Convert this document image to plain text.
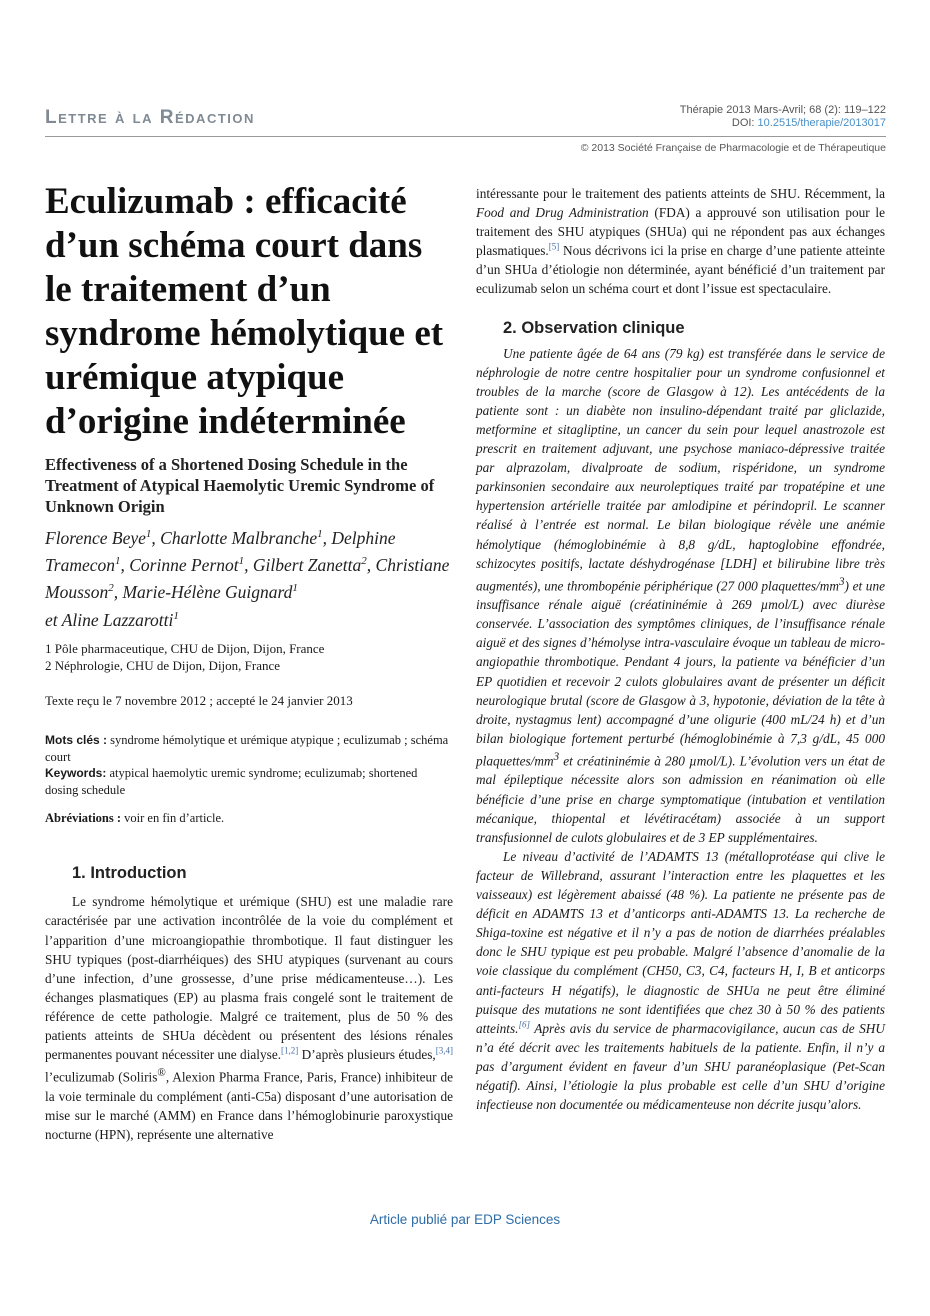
Lettre à la Rédaction	Thérapie 2013 Mars-Avril; 68 (2): 119–122
DOI: 10.2515/therapie/2013017
© 2013 Société Française de Pharmacologie et de Thérapeutique
Eculizumab : efficacité d’un schéma court dans le traitement d’un syndrome hémolytique et urémique atypique d’origine indéterminée
Effectiveness of a Shortened Dosing Schedule in the Treatment of Atypical Haemolytic Uremic Syndrome of Unknown Origin
Florence Beye$^1$, Charlotte Malbranche$^1$, Delphine Tramecon$^1$, Corinne Pernot$^1$, Gilbert Zanetta$^2$, Christiane Mousson$^2$, Marie-Hélène Guignard$^1$
et Aline Lazzarotti$^1$
1 Pôle pharmaceutique, CHU de Dijon, Dijon, France
2 Néphrologie, CHU de Dijon, Dijon, France
Texte reçu le 7 novembre 2012 ; accepté le 24 janvier 2013

Mots clés : syndrome hémolytique et urémique atypique ; eculizumab ; schéma court

Keywords: atypical haemolytic uremic syndrome; eculizumab; shortened dosing schedule

Abréviations : voir en fin d’article.

1. Introduction

Le syndrome hémolytique et urémique (SHU) est une maladie rare caractérisée par une activation incontrôlée de la voie du complément et l’apparition d’une microangiopathie thrombotique. Il faut distinguer les SHU typiques (post-diarrhéiques) des SHU atypiques (survenant au cours d’une infection, d’une grossesse, d’une prise médicamenteuse…). Les échanges plasmatiques (EP) au plasma frais congelé sont le traitement de référence de cette pathologie. Malgré ce traitement, plus de 50 % des patients atteints de SHUa décèdent ou présentent des lésions rénales permanentes pouvant nécessiter une dialyse.[1,2] D’après plusieurs études,[3,4] l’eculizumab (Soliris®, Alexion Pharma France, Paris, France) inhibiteur de la voie terminale du complément (anti-C5a) disposant d’une autorisation de mise sur le marché (AMM) en France dans l’hémoglobinurie paroxystique nocturne (HPN), représente une alternative

intéressante pour le traitement des patients atteints de SHU. Récemment, la Food and Drug Administration (FDA) a approuvé son utilisation pour le traitement des SHU atypiques (SHUa) qui ne répondent pas aux échanges plasmatiques.[5] Nous décrivons ici la prise en charge d’une patiente atteinte d’un SHUa d’étiologie non déterminée, ayant bénéficié d’un traitement par eculizumab selon un schéma court et dont l’issue est spectaculaire.

2. Observation clinique

Une patiente âgée de 64 ans (79 kg) est transférée dans le service de néphrologie de notre centre hospitalier pour un syndrome confusionnel et troubles de la marche (score de Glasgow à 12). Les antécédents de la patiente sont : un diabète non insulino-dépendant traité par gliclazide, metformine et sitagliptine, un cancer du sein pour lequel anastrozole est prescrit en traitement adjuvant, une psychose maniaco-dépressive traitée par alprazolam, divalproate de sodium, rispéridone, un syndrome parkinsonien secondaire aux neuroleptiques traité par tropatépine et une hypertension artérielle traitée par amlodipine et périndopril. Le scanner réalisé à l’entrée est normal. Le bilan biologique révèle une anémie hémolytique (hémoglobinémie à 8,8 g/dL, haptoglobine effondrée, schizocytes positifs, lactate déshydrogénase [LDH] et bilirubine libre très augmentés), une thrombopénie périphérique (27 000 plaquettes/$mm^3$) et une insuffisance rénale aiguë (créatininémie à 269 µmol/L) avec diurèse conservée. L’association des symptômes cliniques, de l’insuffisance rénale aiguë et des signes d’hémolyse intra-vasculaire évoque un tableau de micro-angiopathie thrombotique. Pendant 4 jours, la patiente va bénéficier d’un EP quotidien et recevoir 2 culots globulaires avant de présenter un déficit neurologique brutal (score de Glasgow à 3, hypotonie, déviation de la tête à droite, nystagmus lent) accompagné d’une oligurie (400 mL/24 h) et d’un bilan biologique fortement perturbé (hémoglobinémie à 7,3 g/dL, 45 000 plaquettes/$mm^3$ et créatininémie à 280 µmol/L). L’évolution vers un état de mal épileptique nécessite alors son admission en réanimation où elle bénéficie d’une prise en charge symptomatique (intubation et ventilation mécanique, thiopental et lévétiracétam) associée à un support transfusionnel de culots globulaires et de 3 EP supplémentaires.

Le niveau d’activité de l’ADAMTS 13 (métalloprotéase qui clive le facteur de Willebrand, assurant l’interaction entre les plaquettes et les vaisseaux) est légèrement abaissé (48 %). La patiente ne présente pas de déficit en ADAMTS 13 et d’anticorps anti-ADAMTS 13. La recherche de Shiga-toxine est négative et il n’y a pas de notion de diarrhées préalables donc le SHU typique est peu probable. Malgré l’absence d’anomalie de la voie classique du complément (CH50, C3, C4, facteurs H, I, B et anticorps anti-facteurs H négatifs), le diagnostic de SHUa ne peut être éliminé puisque des mutations ne sont identifiées que chez 30 à 50 % des patients atteints.[6] Après avis du service de pharmacovigilance, aucun cas de SHU n’a été décrit avec les traitements habituels de la patiente. Enfin, il n’y a pas d’argument évident en faveur d’un SHU paranéoplasique (Pet-Scan négatif). Ainsi, l’étiologie la plus probable est celle d’un SHU d’origine infectieuse non documentée ou médicamenteuse non décrite jusqu’alors.

Article publié par EDP Sciences
